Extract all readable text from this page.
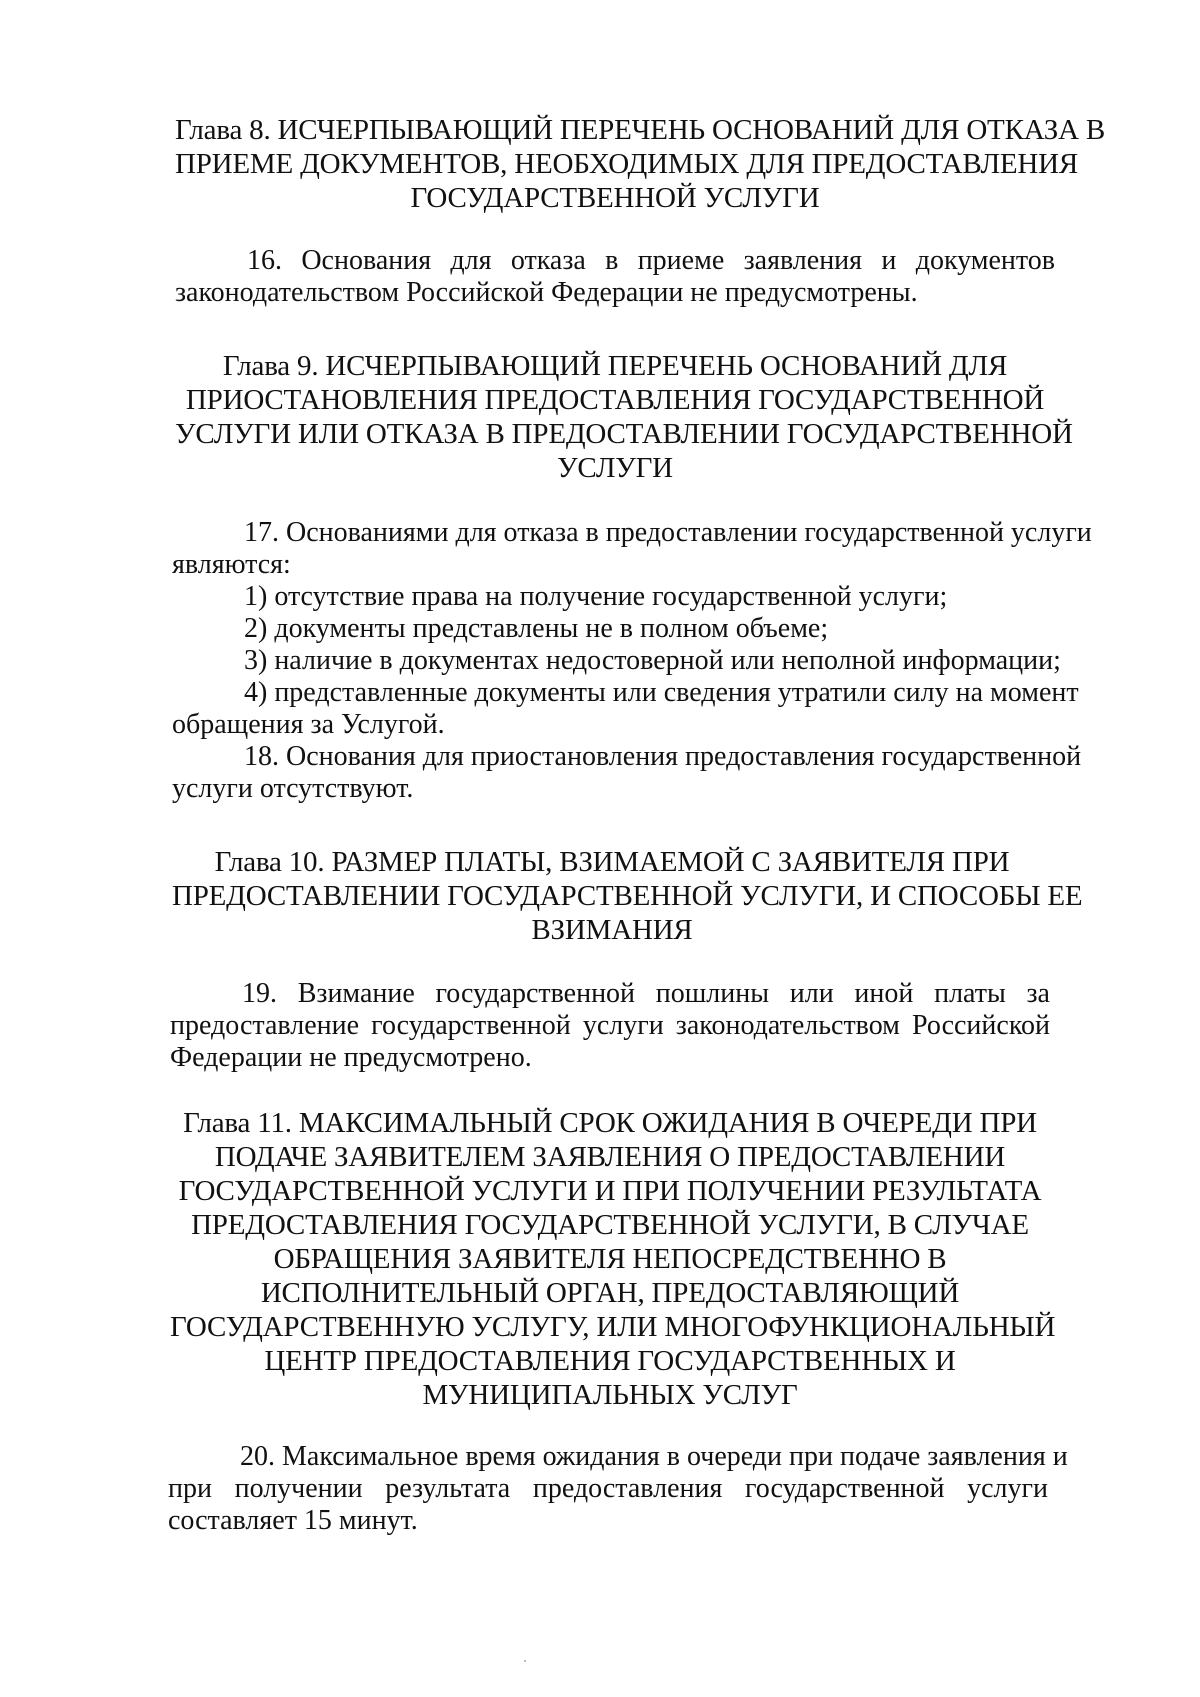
Глава 8. ИСЧЕРПЫВАЮЩИЙ ПЕРЕЧЕНЬ ОСНОВАНИЙ ДЛЯ ОТКАЗА В
ПРИЕМЕ ДОКУМЕНТОВ, НЕОБХОДИМЫХ ДЛЯ ПРЕДОСТАВЛЕНИЯ
ГОСУДАРСТВЕННОЙ УСЛУГИ
16. Основания для отказа в приеме заявления и документов
законодательством Российской Федерации не предусмотрены.
Глава 9. ИСЧЕРПЫВАЮЩИЙ ПЕРЕЧЕНЬ ОСНОВАНИЙ ДЛЯ
ПРИОСТАНОВЛЕНИЯ ПРЕДОСТАВЛЕНИЯ ГОСУДАРСТВЕННОЙ
УСЛУГИ ИЛИ ОТКАЗА В ПРЕДОСТАВЛЕНИИ ГОСУДАРСТВЕННОЙ
УСЛУГИ
17. Основаниями для отказа в предоставлении государственной услуги
являются:
1) отсутствие права на получение государственной услуги;
2) документы представлены не в полном объеме;
3) наличие в документах недостоверной или неполной информации;
4) представленные документы или сведения утратили силу на момент
обращения за Услугой.
18. Основания для приостановления предоставления государственной
услуги отсутствуют.
Глава 10. РАЗМЕР ПЛАТЫ, ВЗИМАЕМОЙ С ЗАЯВИТЕЛЯ ПРИ
ПРЕДОСТАВЛЕНИИ ГОСУДАРСТВЕННОЙ УСЛУГИ, И СПОСОБЫ ЕЕ
ВЗИМАНИЯ
19. Взимание государственной пошлины или иной платы за
предоставление государственной услуги законодательством Российской
Федерации не предусмотрено.
Глава 11. МАКСИМАЛЬНЫЙ СРОК ОЖИДАНИЯ В ОЧЕРЕДИ ПРИ
ПОДАЧЕ ЗАЯВИТЕЛЕМ ЗАЯВЛЕНИЯ О ПРЕДОСТАВЛЕНИИ
ГОСУДАРСТВЕННОЙ УСЛУГИ И ПРИ ПОЛУЧЕНИИ РЕЗУЛЬТАТА
ПРЕДОСТАВЛЕНИЯ ГОСУДАРСТВЕННОЙ УСЛУГИ, В СЛУЧАЕ
ОБРАЩЕНИЯ ЗАЯВИТЕЛЯ НЕПОСРЕДСТВЕННО В
ИСПОЛНИТЕЛЬНЫЙ ОРГАН, ПРЕДОСТАВЛЯЮЩИЙ
ГОСУДАРСТВЕННУЮ УСЛУГУ, ИЛИ МНОГОФУНКЦИОНАЛЬНЫЙ
ЦЕНТР ПРЕДОСТАВЛЕНИЯ ГОСУДАРСТВЕННЫХ И
МУНИЦИПАЛЬНЫХ УСЛУГ
20. Максимальное время ожидания в очереди при подаче заявления и
при получении результата предоставления государственной услуги
составляет 15 минут.
